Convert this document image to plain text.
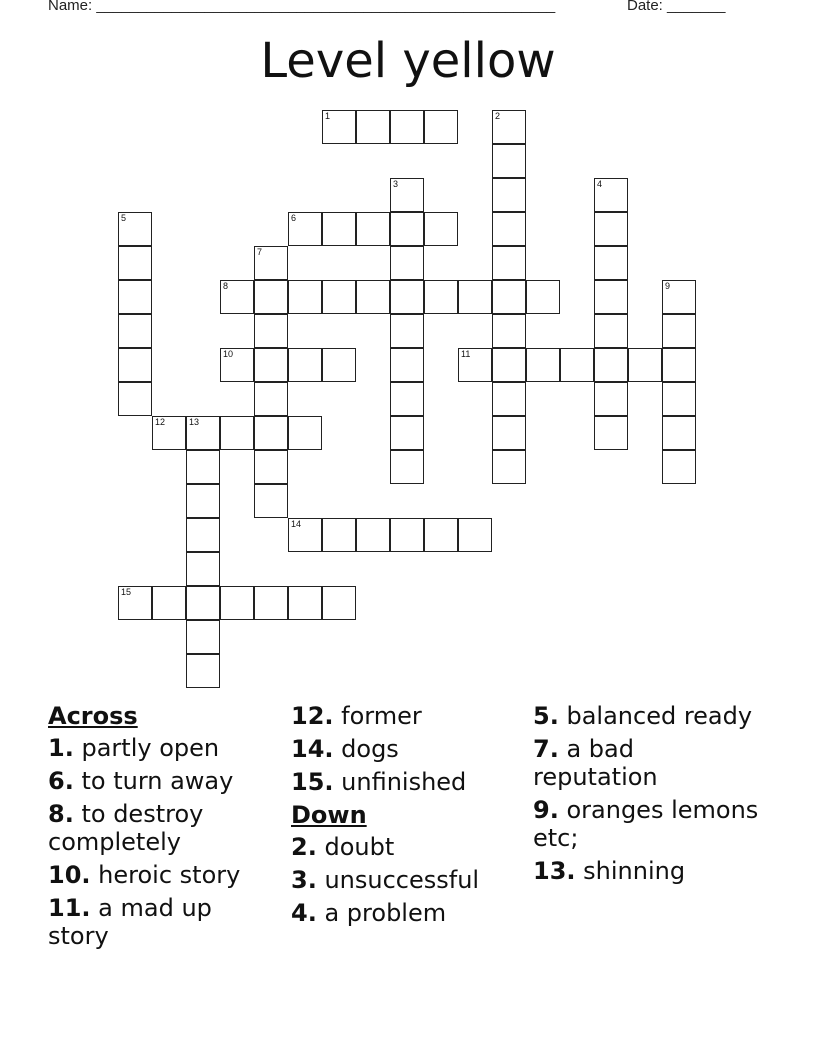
Name: _______________________________________________________	Date: _______
Level yellow
1	2
3	4
5	6
7
8	9
10	11
12	13
14
15
Across
1. partly open
6. to turn away
8. to destroy completely
10. heroic story
11. a mad up story
12. former
14. dogs
15. unfinished
Down
2. doubt
3. unsuccessful
4. a problem
5. balanced ready
7. a bad reputation
9. oranges lemons etc;
13. shinning
